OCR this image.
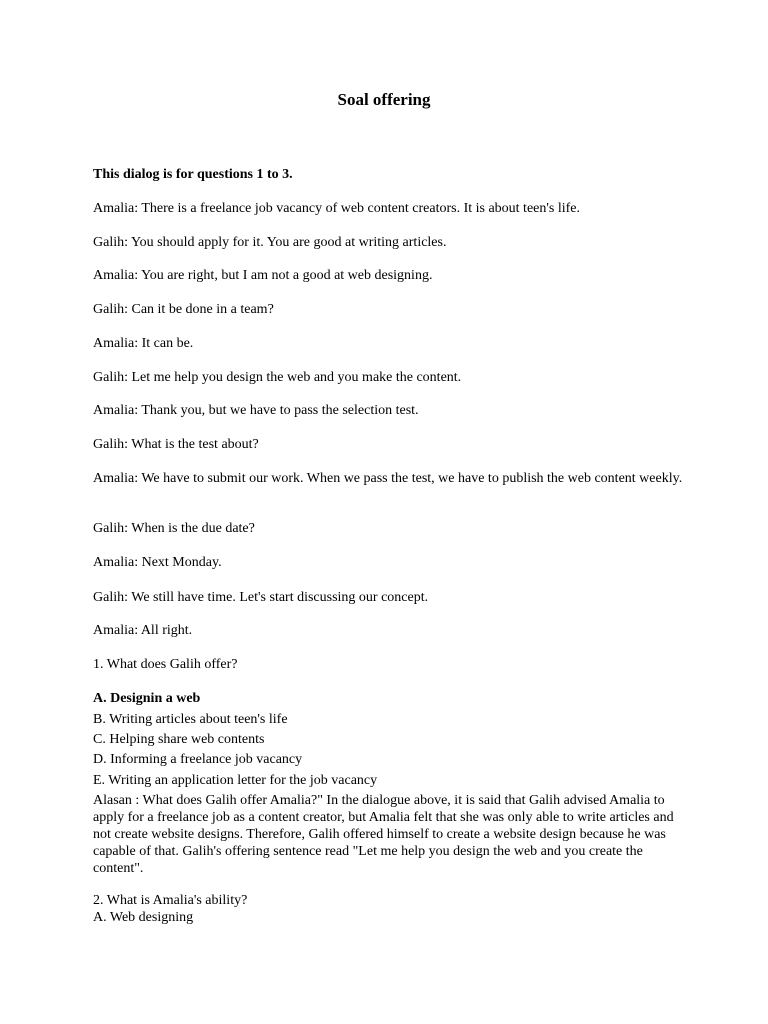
Soal offering
This dialog is for questions 1 to 3.
Amalia: There is a freelance job vacancy of web content creators. It is about teen's life.
Galih: You should apply for it. You are good at writing articles.
Amalia: You are right, but I am not a good at web designing.
Galih: Can it be done in a team?
Amalia: It can be.
Galih: Let me help you design the web and you make the content.
Amalia: Thank you, but we have to pass the selection test.
Galih: What is the test about?
Amalia: We have to submit our work. When we pass the test, we have to publish the web content weekly.
Galih: When is the due date?
Amalia: Next Monday.
Galih: We still have time. Let's start discussing our concept.
Amalia: All right.
1. What does Galih offer?
A. Designin a web
B. Writing articles about teen's life
C. Helping share web contents
D. Informing a freelance job vacancy
E. Writing an application letter for the job vacancy
Alasan : What does Galih offer Amalia?" In the dialogue above, it is said that Galih advised Amalia to apply for a freelance job as a content creator, but Amalia felt that she was only able to write articles and not create website designs. Therefore, Galih offered himself to create a website design because he was capable of that. Galih's offering sentence read "Let me help you design the web and you create the content".
2. What is Amalia's ability?
A. Web designing
